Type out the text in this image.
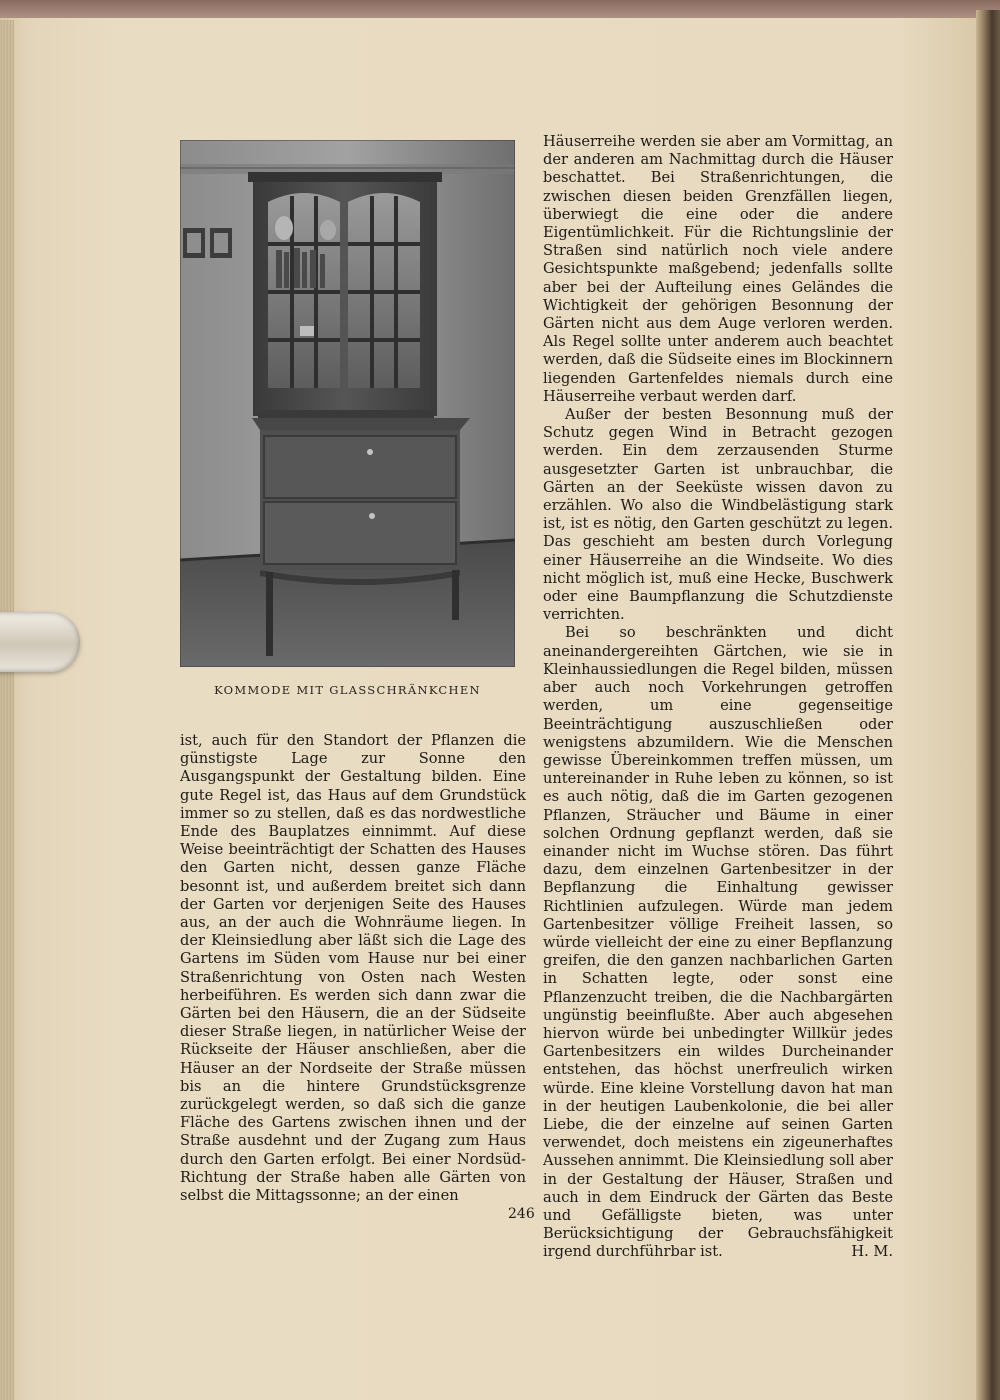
KOMMODE MIT GLASSCHRÄNKCHEN

ist, auch für den Standort der Pflanzen die günstigste Lage zur Sonne den Ausgangspunkt der Gestaltung bilden. Eine gute Regel ist, das Haus auf dem Grundstück immer so zu stellen, daß es das nordwestliche Ende des Bauplatzes einnimmt. Auf diese Weise beeinträchtigt der Schatten des Hauses den Garten nicht, dessen ganze Fläche besonnt ist, und außerdem breitet sich dann der Garten vor derjenigen Seite des Hauses aus, an der auch die Wohnräume liegen. In der Kleinsiedlung aber läßt sich die Lage des Gartens im Süden vom Hause nur bei einer Straßenrichtung von Osten nach Westen herbeiführen. Es werden sich dann zwar die Gärten bei den Häusern, die an der Südseite dieser Straße liegen, in natürlicher Weise der Rückseite der Häuser anschließen, aber die Häuser an der Nordseite der Straße müssen bis an die hintere Grundstücksgrenze zurückgelegt werden, so daß sich die ganze Fläche des Gartens zwischen ihnen und der Straße ausdehnt und der Zugang zum Haus durch den Garten erfolgt. Bei einer Nordsüd-Richtung der Straße haben alle Gärten von selbst die Mittagssonne; an der einen

Häuserreihe werden sie aber am Vormittag, an der anderen am Nachmittag durch die Häuser beschattet. Bei Straßenrichtungen, die zwischen diesen beiden Grenzfällen liegen, überwiegt die eine oder die andere Eigentümlichkeit. Für die Richtungslinie der Straßen sind natürlich noch viele andere Gesichtspunkte maßgebend; jedenfalls sollte aber bei der Aufteilung eines Geländes die Wichtigkeit der gehörigen Besonnung der Gärten nicht aus dem Auge verloren werden. Als Regel sollte unter anderem auch beachtet werden, daß die Südseite eines im Blockinnern liegenden Gartenfeldes niemals durch eine Häuserreihe verbaut werden darf.

Außer der besten Besonnung muß der Schutz gegen Wind in Betracht gezogen werden. Ein dem zerzausenden Sturme ausgesetzter Garten ist unbrauchbar, die Gärten an der Seeküste wissen davon zu erzählen. Wo also die Windbelästigung stark ist, ist es nötig, den Garten geschützt zu legen. Das geschieht am besten durch Vorlegung einer Häuserreihe an die Windseite. Wo dies nicht möglich ist, muß eine Hecke, Buschwerk oder eine Baumpflanzung die Schutzdienste verrichten.

Bei so beschränkten und dicht aneinandergereihten Gärtchen, wie sie in Kleinhaussiedlungen die Regel bilden, müssen aber auch noch Vorkehrungen getroffen werden, um eine gegenseitige Beeinträchtigung auszuschließen oder wenigstens abzumildern. Wie die Menschen gewisse Übereinkommen treffen müssen, um untereinander in Ruhe leben zu können, so ist es auch nötig, daß die im Garten gezogenen Pflanzen, Sträucher und Bäume in einer solchen Ordnung gepflanzt werden, daß sie einander nicht im Wuchse stören. Das führt dazu, dem einzelnen Gartenbesitzer in der Bepflanzung die Einhaltung gewisser Richtlinien aufzulegen. Würde man jedem Gartenbesitzer völlige Freiheit lassen, so würde vielleicht der eine zu einer Bepflanzung greifen, die den ganzen nachbarlichen Garten in Schatten legte, oder sonst eine Pflanzenzucht treiben, die die Nachbargärten ungünstig beeinflußte. Aber auch abgesehen hiervon würde bei unbedingter Willkür jedes Gartenbesitzers ein wildes Durcheinander entstehen, das höchst unerfreulich wirken würde. Eine kleine Vorstellung davon hat man in der heutigen Laubenkolonie, die bei aller Liebe, die der einzelne auf seinen Garten verwendet, doch meistens ein zigeunerhaftes Aussehen annimmt. Die Kleinsiedlung soll aber in der Gestaltung der Häuser, Straßen und auch in dem Eindruck der Gärten das Beste und Gefälligste bieten, was unter Berücksichtigung der Gebrauchsfähigkeit irgend durchführbar ist.	H. M.

246
